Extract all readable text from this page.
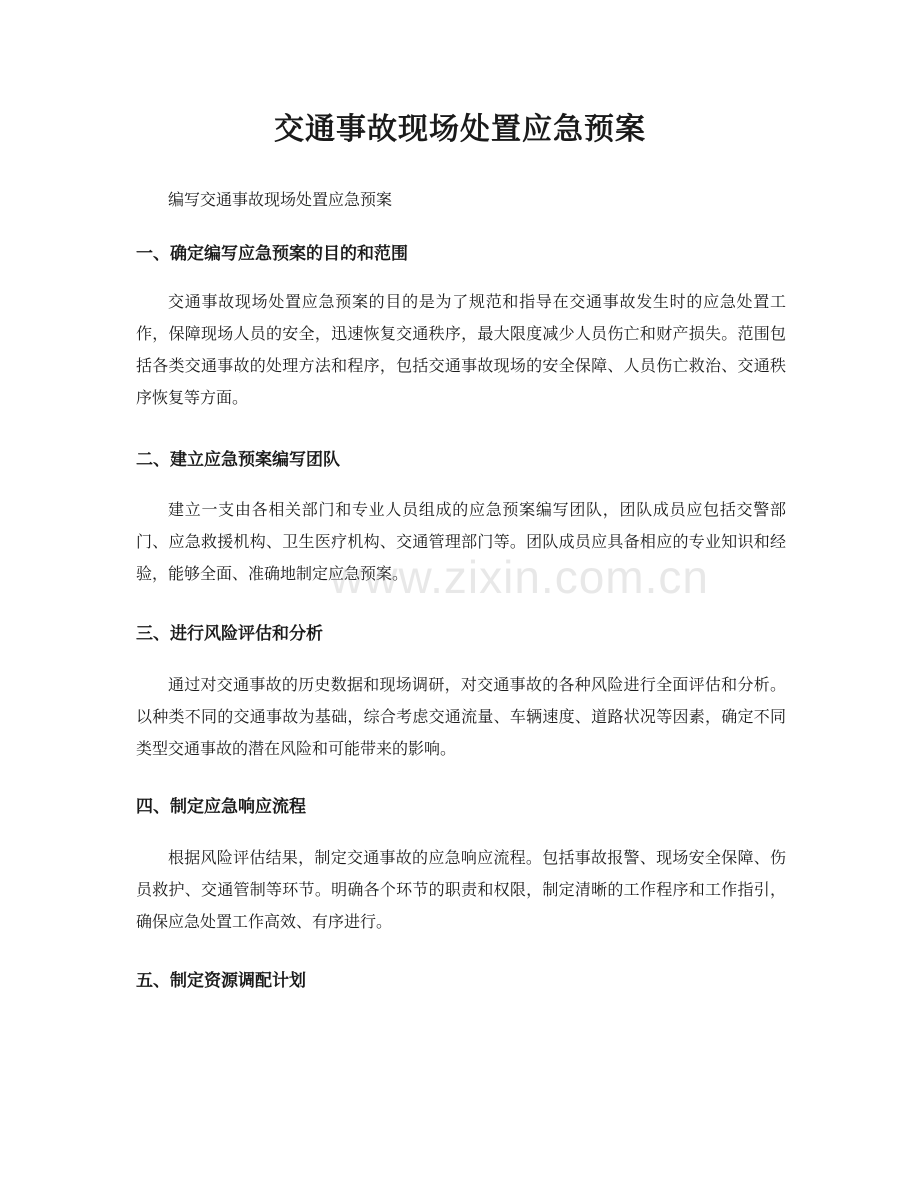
交通事故现场处置应急预案

编写交通事故现场处置应急预案

一、确定编写应急预案的目的和范围

交通事故现场处置应急预案的目的是为了规范和指导在交通事故发生时的应急处置工作，保障现场人员的安全，迅速恢复交通秩序，最大限度减少人员伤亡和财产损失。范围包括各类交通事故的处理方法和程序，包括交通事故现场的安全保障、人员伤亡救治、交通秩序恢复等方面。

二、建立应急预案编写团队

建立一支由各相关部门和专业人员组成的应急预案编写团队，团队成员应包括交警部门、应急救援机构、卫生医疗机构、交通管理部门等。团队成员应具备相应的专业知识和经验，能够全面、准确地制定应急预案。

三、进行风险评估和分析

通过对交通事故的历史数据和现场调研，对交通事故的各种风险进行全面评估和分析。以种类不同的交通事故为基础，综合考虑交通流量、车辆速度、道路状况等因素，确定不同类型交通事故的潜在风险和可能带来的影响。

四、制定应急响应流程

根据风险评估结果，制定交通事故的应急响应流程。包括事故报警、现场安全保障、伤员救护、交通管制等环节。明确各个环节的职责和权限，制定清晰的工作程序和工作指引，确保应急处置工作高效、有序进行。

五、制定资源调配计划
www.zixin.com.cn
